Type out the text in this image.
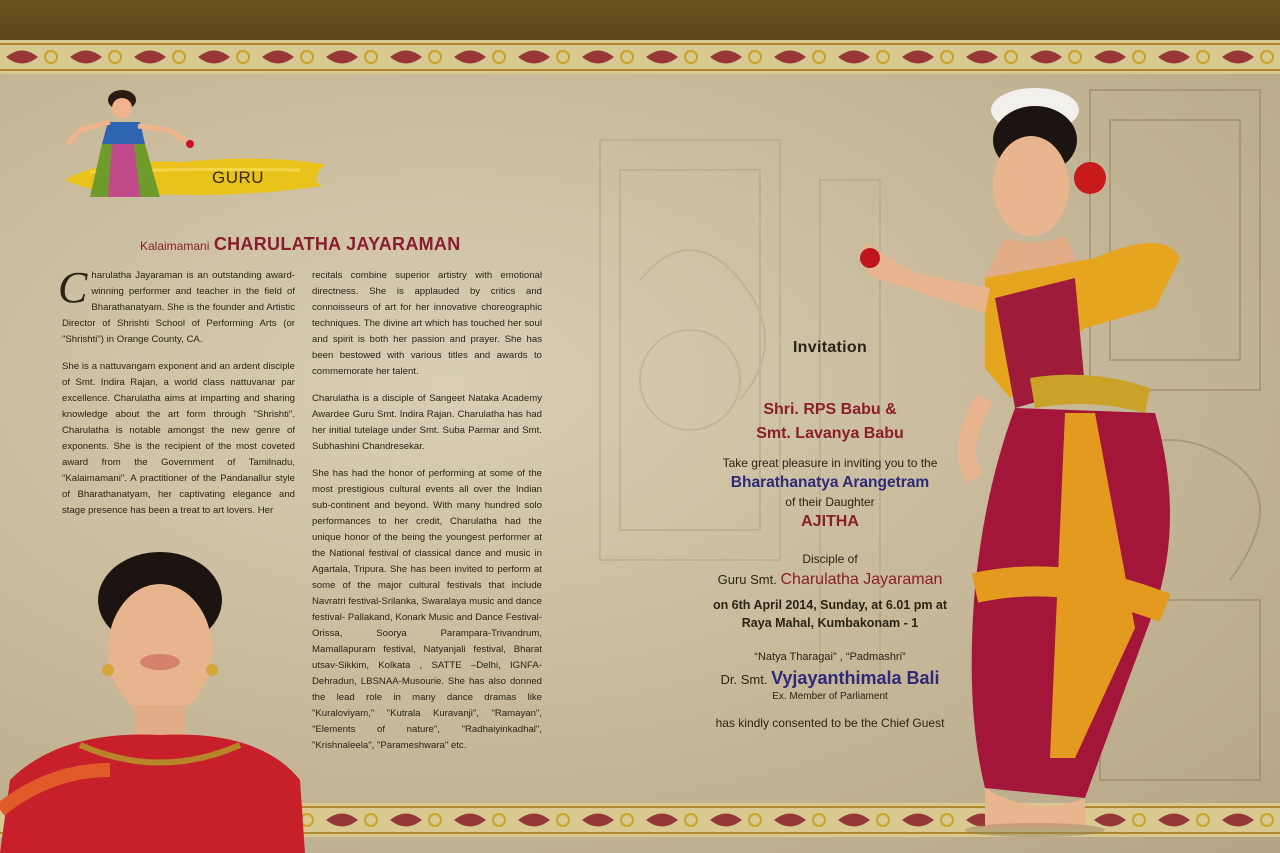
GURU
Kalaimamani CHARULATHA JAYARAMAN

Charulatha Jayaraman is an outstanding award-winning performer and teacher in the field of Bharathanatyam. She is the founder and Artistic Director of Shrishti School of Performing Arts (or "Shrishti") in Orange County, CA.

She is a nattuvangam exponent and an ardent disciple of Smt. Indira Rajan, a world class nattuvanar par excellence. Charulatha aims at imparting and sharing knowledge about the art form through "Shrishti". Charulatha is notable amongst the new genre of exponents. She is the recipient of the most coveted award from the Government of Tamilnadu, "Kalaimamani". A practitioner of the Pandanallur style of Bharathanatyam, her captivating elegance and stage presence has been a treat to art lovers. Her

recitals combine superior artistry with emotional directness. She is applauded by critics and connoisseurs of art for her innovative choreographic techniques. The divine art which has touched her soul and spirit is both her passion and prayer. She has been bestowed with various titles and awards to commemorate her talent.

Charulatha is a disciple of Sangeet Nataka Academy Awardee Guru Smt. Indira Rajan. Charulatha has had her initial tutelage under Smt. Suba Parmar and Smt. Subhashini Chandresekar.

She has had the honor of performing at some of the most prestigious cultural events all over the Indian sub-continent and beyond. With many hundred solo performances to her credit, Charulatha had the unique honor of the being the youngest performer at the National festival of classical dance and music in Agartala, Tripura. She has been invited to perform at some of the major cultural festivals that include Navratri festival-Srilanka, Swaralaya music and dance festival- Pallakand, Konark Music and Dance Festival-Orissa, Soorya Parampara-Trivandrum, Mamallapuram festival, Natyanjali festival, Bharat utsav-Sikkim, Kolkata , SATTE –Delhi, IGNFA-Dehradun, LBSNAA-Musourie. She has also donned the lead role in many dance dramas like "Kuraloviyam," "Kutrala Kuravanji", "Ramayan", "Elements of nature", "Radhaiyinkadhal", "Krishnaleela", "Parameshwara" etc.

Invitation
Shri. RPS Babu &
Smt. Lavanya Babu
Take great pleasure in inviting you to the
Bharathanatya Arangetram
of their Daughter
AJITHA
Disciple of
Guru Smt. Charulatha Jayaraman
on 6th April 2014, Sunday, at 6.01 pm at
Raya Mahal, Kumbakonam - 1
“Natya Tharagai” , “Padmashri”
Dr. Smt. Vyjayanthimala Bali
Ex. Member of Parliament
has kindly consented to be the Chief Guest
